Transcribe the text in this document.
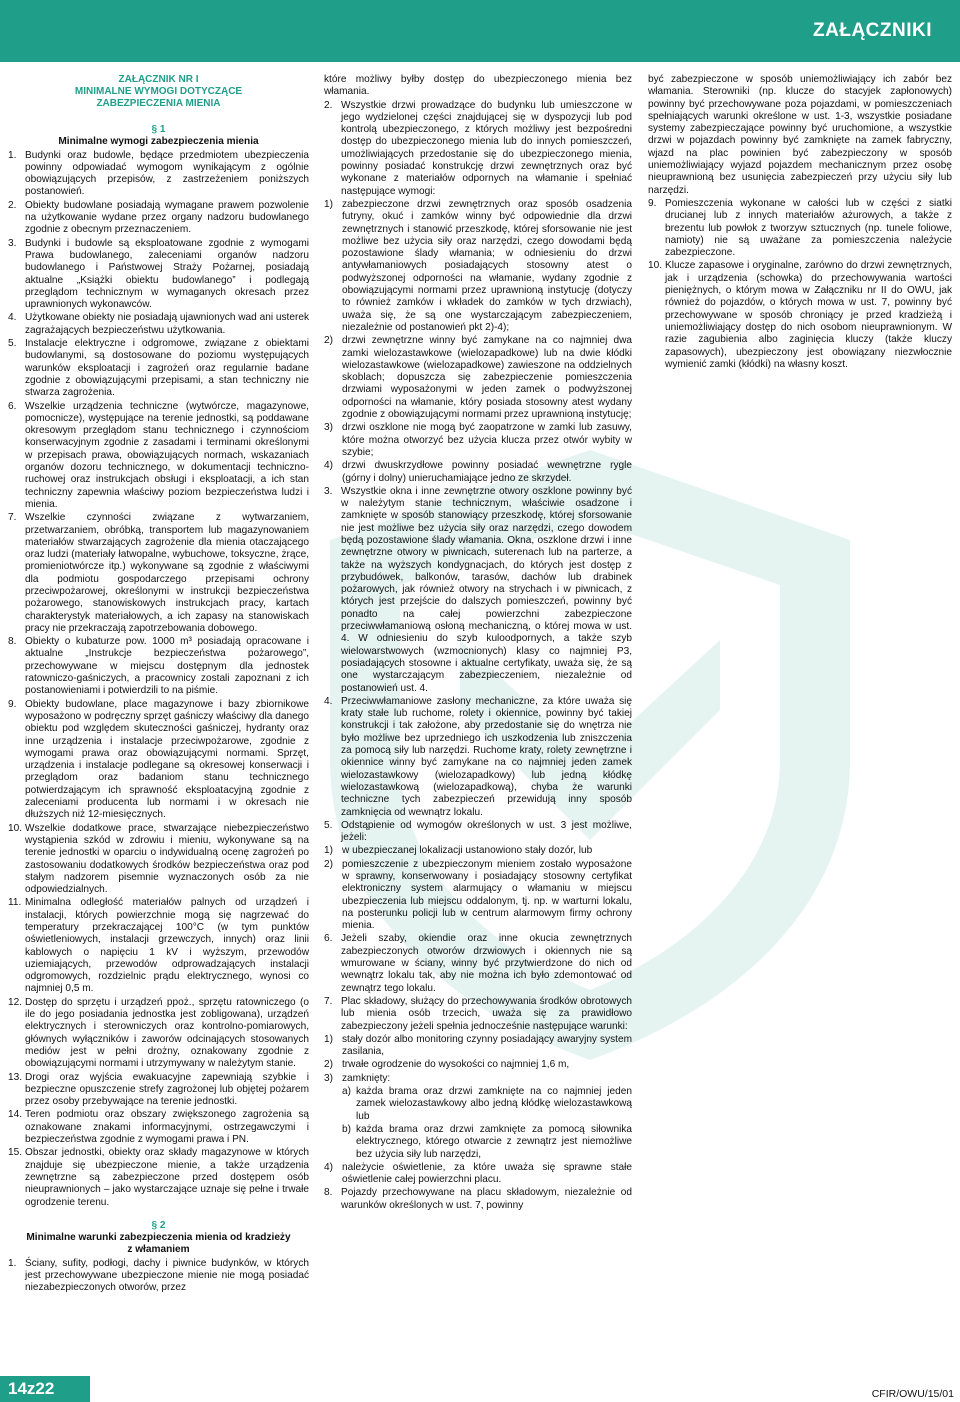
ZAŁĄCZNIKI
ZAŁĄCZNIK NR I
MINIMALNE WYMOGI DOTYCZĄCE
ZABEZPIECZENIA MIENIA
§ 1
Minimalne wymogi zabezpieczenia mienia
1. Budynki oraz budowle, będące przedmiotem ubezpieczenia powinny odpowiadać wymogom wynikającym z ogólnie obowiązujących przepisów, z zastrzeżeniem poniższych postanowień.
2. Obiekty budowlane posiadają wymagane prawem pozwolenie na użytkowanie wydane przez organy nadzoru budowlanego zgodnie z obecnym przeznaczeniem.
3. Budynki i budowle są eksploatowane zgodnie z wymogami Prawa budowlanego, zaleceniami organów nadzoru budowlanego i Państwowej Straży Pożarnej, posiadają aktualne „Książki obiektu budowlanego” i podlegają przeglądom technicznym w wymaganych okresach przez uprawnionych wykonawców.
4. Użytkowane obiekty nie posiadają ujawnionych wad ani usterek zagrażających bezpieczeństwu użytkowania.
5. Instalacje elektryczne i odgromowe, związane z obiektami budowlanymi, są dostosowane do poziomu występujących warunków eksploatacji i zagrożeń oraz regularnie badane zgodnie z obowiązującymi przepisami, a stan techniczny nie stwarza zagrożenia.
6. Wszelkie urządzenia techniczne (wytwórcze, magazynowe, pomocnicze), występujące na terenie jednostki, są poddawane okresowym przeglądom stanu technicznego i czynnościom konserwacyjnym zgodnie z zasadami i terminami określonymi w przepisach prawa, obowiązujących normach, wskazaniach organów dozoru technicznego, w dokumentacji techniczno-ruchowej oraz instrukcjach obsługi i eksploatacji, a ich stan techniczny zapewnia właściwy poziom bezpieczeństwa ludzi i mienia.
7. Wszelkie czynności związane z wytwarzaniem, przetwarzaniem, obróbką, transportem lub magazynowaniem materiałów stwarzających zagrożenie dla mienia otaczającego oraz ludzi (materiały łatwopalne, wybuchowe, toksyczne, żrące, promieniotwórcze itp.) wykonywane są zgodnie z właściwymi dla podmiotu gospodarczego przepisami ochrony przeciwpożarowej, określonymi w instrukcji bezpieczeństwa pożarowego, stanowiskowych instrukcjach pracy, kartach charakterystyk materiałowych, a ich zapasy na stanowiskach pracy nie przekraczają zapotrzebowania dobowego.
8. Obiekty o kubaturze pow. 1000 m³ posiadają opracowane i aktualne „Instrukcje bezpieczeństwa pożarowego”, przechowywane w miejscu dostępnym dla jednostek ratowniczo-gaśniczych, a pracownicy zostali zapoznani z ich postanowieniami i potwierdzili to na piśmie.
9. Obiekty budowlane, place magazynowe i bazy zbiornikowe wyposażono w podręczny sprzęt gaśniczy właściwy dla danego obiektu pod względem skuteczności gaśniczej, hydranty oraz inne urządzenia i instalacje przeciwpożarowe, zgodnie z wymogami prawa oraz obowiązującymi normami. Sprzęt, urządzenia i instalacje podlegane są okresowej konserwacji i przeglądom oraz badaniom stanu technicznego potwierdzającym ich sprawność eksploatacyjną zgodnie z zaleceniami producenta lub normami i w okresach nie dłuższych niż 12-miesięcznych.
10. Wszelkie dodatkowe prace, stwarzające niebezpieczeństwo wystąpienia szkód w zdrowiu i mieniu, wykonywane są na terenie jednostki w oparciu o indywidualną ocenę zagrożeń po zastosowaniu dodatkowych środków bezpieczeństwa oraz pod stałym nadzorem pisemnie wyznaczonych osób za nie odpowiedzialnych.
11. Minimalna odległość materiałów palnych od urządzeń i instalacji, których powierzchnie mogą się nagrzewać do temperatury przekraczającej 100°C (w tym punktów oświetleniowych, instalacji grzewczych, innych) oraz linii kablowych o napięciu 1 kV i wyższym, przewodów uziemiających, przewodów odprowadzających instalacji odgromowych, rozdzielnic prądu elektrycznego, wynosi co najmniej 0,5 m.
12. Dostęp do sprzętu i urządzeń ppoż., sprzętu ratowniczego (o ile do jego posiadania jednostka jest zobligowana), urządzeń elektrycznych i sterowniczych oraz kontrolno-pomiarowych, głównych wyłączników i zaworów odcinających stosowanych mediów jest w pełni drożny, oznakowany zgodnie z obowiązującymi normami i utrzymywany w należytym stanie.
13. Drogi oraz wyjścia ewakuacyjne zapewniają szybkie i bezpieczne opuszczenie strefy zagrożonej lub objętej pożarem przez osoby przebywające na terenie jednostki.
14. Teren podmiotu oraz obszary zwiększonego zagrożenia są oznakowane znakami informacyjnymi, ostrzegawczymi i bezpieczeństwa zgodnie z wymogami prawa i PN.
15. Obszar jednostki, obiekty oraz składy magazynowe w których znajduje się ubezpieczone mienie, a także urządzenia zewnętrzne są zabezpieczone przed dostępem osób nieuprawnionych – jako wystarczające uznaje się pełne i trwałe ogrodzenie terenu.
§ 2
Minimalne warunki zabezpieczenia mienia od kradzieży
z włamaniem
1. Ściany, sufity, podłogi, dachy i piwnice budynków, w których jest przechowywane ubezpieczone mienie nie mogą posiadać niezabezpieczonych otworów, przez
które możliwy byłby dostęp do ubezpieczonego mienia bez włamania.
2. Wszystkie drzwi prowadzące do budynku lub umieszczone w jego wydzielonej części znajdującej się w dyspozycji lub pod kontrolą ubezpieczonego, z których możliwy jest bezpośredni dostęp do ubezpieczonego mienia lub do innych pomieszczeń, umożliwiających przedostanie się do ubezpieczonego mienia, powinny posiadać konstrukcję drzwi zewnętrznych oraz być wykonane z materiałów odpornych na włamanie i spełniać następujące wymogi:
1) zabezpieczone drzwi zewnętrznych oraz sposób osadzenia futryny, okuć i zamków winny być odpowiednie dla drzwi zewnętrznych i stanowić przeszkodę, której sforsowanie nie jest możliwe bez użycia siły oraz narzędzi, czego dowodami będą pozostawione ślady włamania; w odniesieniu do drzwi antywłamaniowych posiadających stosowny atest o podwyższonej odporności na włamanie, wydany zgodnie z obowiązującymi normami przez uprawnioną instytucję (dotyczy to również zamków i wkładek do zamków w tych drzwiach), uważa się, że są one wystarczającym zabezpieczeniem, niezależnie od postanowień pkt 2)-4);
2) drzwi zewnętrzne winny być zamykane na co najmniej dwa zamki wielozastawkowe (wielozapadkowe) lub na dwie kłódki wielozastawkowe (wielozapadkowe) zawieszone na oddzielnych skoblach; dopuszcza się zabezpieczenie pomieszczenia drzwiami wyposażonymi w jeden zamek o podwyższonej odporności na włamanie, który posiada stosowny atest wydany zgodnie z obowiązującymi normami przez uprawnioną instytucję;
3) drzwi oszklone nie mogą być zaopatrzone w zamki lub zasuwy, które można otworzyć bez użycia klucza przez otwór wybity w szybie;
4) drzwi dwuskrzydłowe powinny posiadać wewnętrzne rygle (górny i dolny) unieruchamiające jedno ze skrzydeł.
3. Wszystkie okna i inne zewnętrzne otwory oszklone powinny być w należytym stanie technicznym, właściwie osadzone i zamknięte w sposób stanowiący przeszkodę, której sforsowanie nie jest możliwe bez użycia siły oraz narzędzi, czego dowodem będą pozostawione ślady włamania. Okna, oszklone drzwi i inne zewnętrzne otwory w piwnicach, suterenach lub na parterze, a także na wyższych kondygnacjach, do których jest dostęp z przybudówek, balkonów, tarasów, dachów lub drabinek pożarowych, jak również otwory na strychach i w piwnicach, z których jest przejście do dalszych pomieszczeń, powinny być ponadto na całej powierzchni zabezpieczone przeciwwłamaniową osłoną mechaniczną, o której mowa w ust. 4. W odniesieniu do szyb kuloodpornych, a także szyb wielowarstwowych (wzmocnionych) klasy co najmniej P3, posiadających stosowne i aktualne certyfikaty, uważa się, że są one wystarczającym zabezpieczeniem, niezależnie od postanowień ust. 4.
4. Przeciwwłamaniowe zasłony mechaniczne, za które uważa się kraty stałe lub ruchome, rolety i okiennice, powinny być takiej konstrukcji i tak założone, aby przedostanie się do wnętrza nie było możliwe bez uprzedniego ich uszkodzenia lub zniszczenia za pomocą siły lub narzędzi. Ruchome kraty, rolety zewnętrzne i okiennice winny być zamykane na co najmniej jeden zamek wielozastawkowy (wielozapadkowy) lub jedną kłódkę wielozastawkową (wielozapadkową), chyba że warunki techniczne tych zabezpieczeń przewidują inny sposób zamknięcia od wewnątrz lokalu.
5. Odstąpienie od wymogów określonych w ust. 3 jest możliwe, jeżeli:
1) w ubezpieczanej lokalizacji ustanowiono stały dozór, lub
2) pomieszczenie z ubezpieczonym mieniem zostało wyposażone w sprawny, konserwowany i posiadający stosowny certyfikat elektroniczny system alarmujący o włamaniu w miejscu ubezpieczenia lub miejscu oddalonym, tj. np. w warturni lokalu, na posterunku policji lub w centrum alarmowym firmy ochrony mienia.
6. Jeżeli szaby, okiendie oraz inne okucia zewnętrznych zabezpieczonych otworów drzwiowych i okiennych nie są wmurowane w ściany, winny być przytwierdzone do nich od wewnątrz lokalu tak, aby nie można ich było zdemontować od zewnątrz tego lokalu.
7. Plac składowy, służący do przechowywania środków obrotowych lub mienia osób trzecich, uważa się za prawidłowo zabezpieczony jeżeli spełnia jednocześnie następujące warunki:
1) stały dozór albo monitoring czynny posiadający awaryjny system zasilania,
2) trwałe ogrodzenie do wysokości co najmniej 1,6 m,
3) zamknięty:
a) każda brama oraz drzwi zamknięte na co najmniej jeden zamek wielozastawkowy albo jedną kłódkę wielozastawkową lub
b) każda brama oraz drzwi zamknięte za pomocą siłownika elektrycznego, którego otwarcie z zewnątrz jest niemożliwe bez użycia siły lub narzędzi,
4) należycie oświetlenie, za które uważa się sprawne stałe oświetlenie całej powierzchni placu.
8. Pojazdy przechowywane na placu składowym, niezależnie od warunków określonych w ust. 7, powinny
być zabezpieczone w sposób uniemożliwiający ich zabór bez włamania. Sterowniki (np. klucze do stacyjek zapłonowych) powinny być przechowywane poza pojazdami, w pomieszczeniach spełniających warunki określone w ust. 1-3, wszystkie posiadane systemy zabezpieczające powinny być uruchomione, a wszystkie drzwi w pojazdach powinny być zamknięte na zamek fabryczny, wjazd na plac powinien być zabezpieczony w sposób uniemożliwiający wyjazd pojazdem mechanicznym przez osobę nieuprawnioną bez usunięcia zabezpieczeń przy użyciu siły lub narzędzi.
9. Pomieszczenia wykonane w całości lub w części z siatki drucianej lub z innych materiałów ażurowych, a także z brezentu lub powłok z tworzyw sztucznych (np. tunele foliowe, namioty) nie są uważane za pomieszczenia należycie zabezpieczone.
10. Klucze zapasowe i oryginalne, zarówno do drzwi zewnętrznych, jak i urządzenia (schowka) do przechowywania wartości pieniężnych, o którym mowa w Załączniku nr II do OWU, jak również do pojazdów, o których mowa w ust. 7, powinny być przechowywane w sposób chroniący je przed kradzieżą i uniemożliwiający dostęp do nich osobom nieuprawnionym. W razie zagubienia albo zaginięcia kluczy (także kluczy zapasowych), ubezpieczony jest obowiązany niezwłocznie wymienić zamki (kłódki) na własny koszt.
14z22	CFIR/OWU/15/01
